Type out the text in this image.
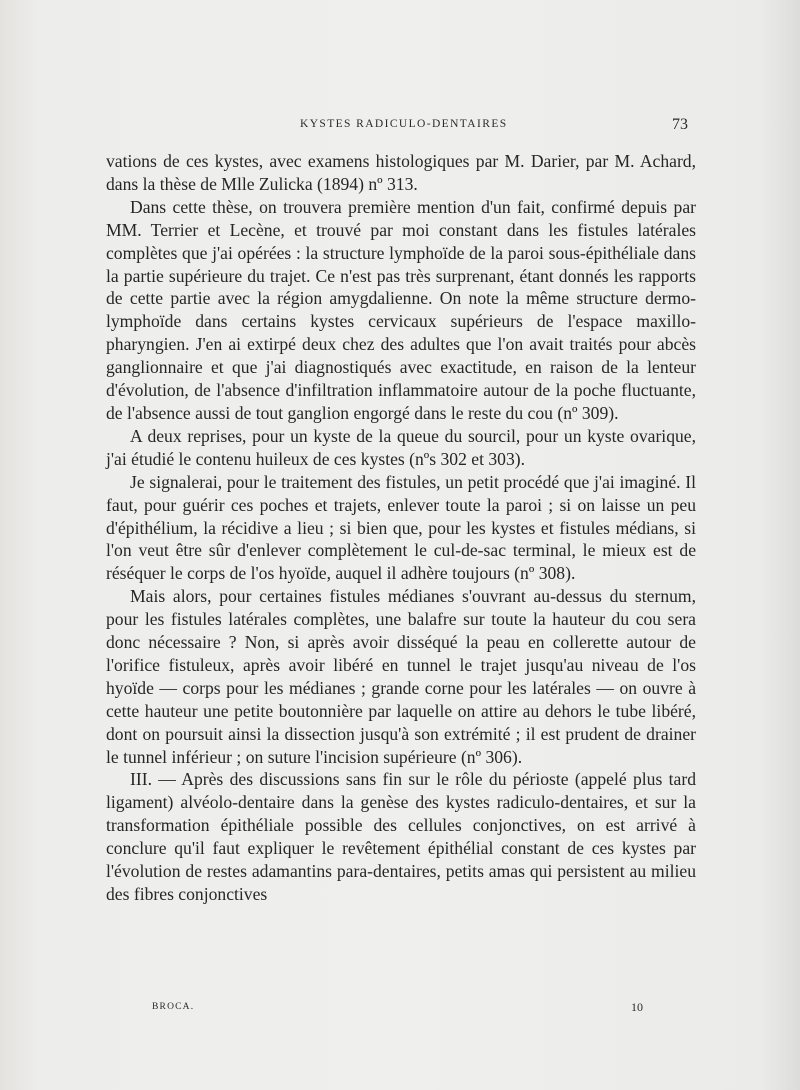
KYSTES RADICULO-DENTAIRES	73

vations de ces kystes, avec examens histologiques par M. Darier, par M. Achard, dans la thèse de Mlle Zulicka (1894) nº 313.

Dans cette thèse, on trouvera première mention d'un fait, confirmé depuis par MM. Terrier et Lecène, et trouvé par moi constant dans les fistules latérales complètes que j'ai opérées : la structure lymphoïde de la paroi sous-épithéliale dans la partie supérieure du trajet. Ce n'est pas très surprenant, étant donnés les rapports de cette partie avec la région amygdalienne. On note la même structure dermo-lymphoïde dans certains kystes cervicaux supérieurs de l'espace maxillo-pharyngien. J'en ai extirpé deux chez des adultes que l'on avait traités pour abcès ganglionnaire et que j'ai diagnostiqués avec exactitude, en raison de la lenteur d'évolution, de l'absence d'infiltration inflammatoire autour de la poche fluctuante, de l'absence aussi de tout ganglion engorgé dans le reste du cou (nº 309).

A deux reprises, pour un kyste de la queue du sourcil, pour un kyste ovarique, j'ai étudié le contenu huileux de ces kystes (nºs 302 et 303).

Je signalerai, pour le traitement des fistules, un petit procédé que j'ai imaginé. Il faut, pour guérir ces poches et trajets, enlever toute la paroi ; si on laisse un peu d'épithélium, la récidive a lieu ; si bien que, pour les kystes et fistules médians, si l'on veut être sûr d'enlever complètement le cul-de-sac terminal, le mieux est de réséquer le corps de l'os hyoïde, auquel il adhère toujours (nº 308).

Mais alors, pour certaines fistules médianes s'ouvrant au-dessus du sternum, pour les fistules latérales complètes, une balafre sur toute la hauteur du cou sera donc nécessaire ? Non, si après avoir disséqué la peau en collerette autour de l'orifice fistuleux, après avoir libéré en tunnel le trajet jusqu'au niveau de l'os hyoïde — corps pour les médianes ; grande corne pour les latérales — on ouvre à cette hauteur une petite boutonnière par laquelle on attire au dehors le tube libéré, dont on poursuit ainsi la dissection jusqu'à son extrémité ; il est prudent de drainer le tunnel inférieur ; on suture l'incision supérieure (nº 306).

III. — Après des discussions sans fin sur le rôle du périoste (appelé plus tard ligament) alvéolo-dentaire dans la genèse des kystes radiculo-dentaires, et sur la transformation épithéliale possible des cellules conjonctives, on est arrivé à conclure qu'il faut expliquer le revêtement épithélial constant de ces kystes par l'évolution de restes adamantins para-dentaires, petits amas qui persistent au milieu des fibres conjonctives

BROCA.	10
